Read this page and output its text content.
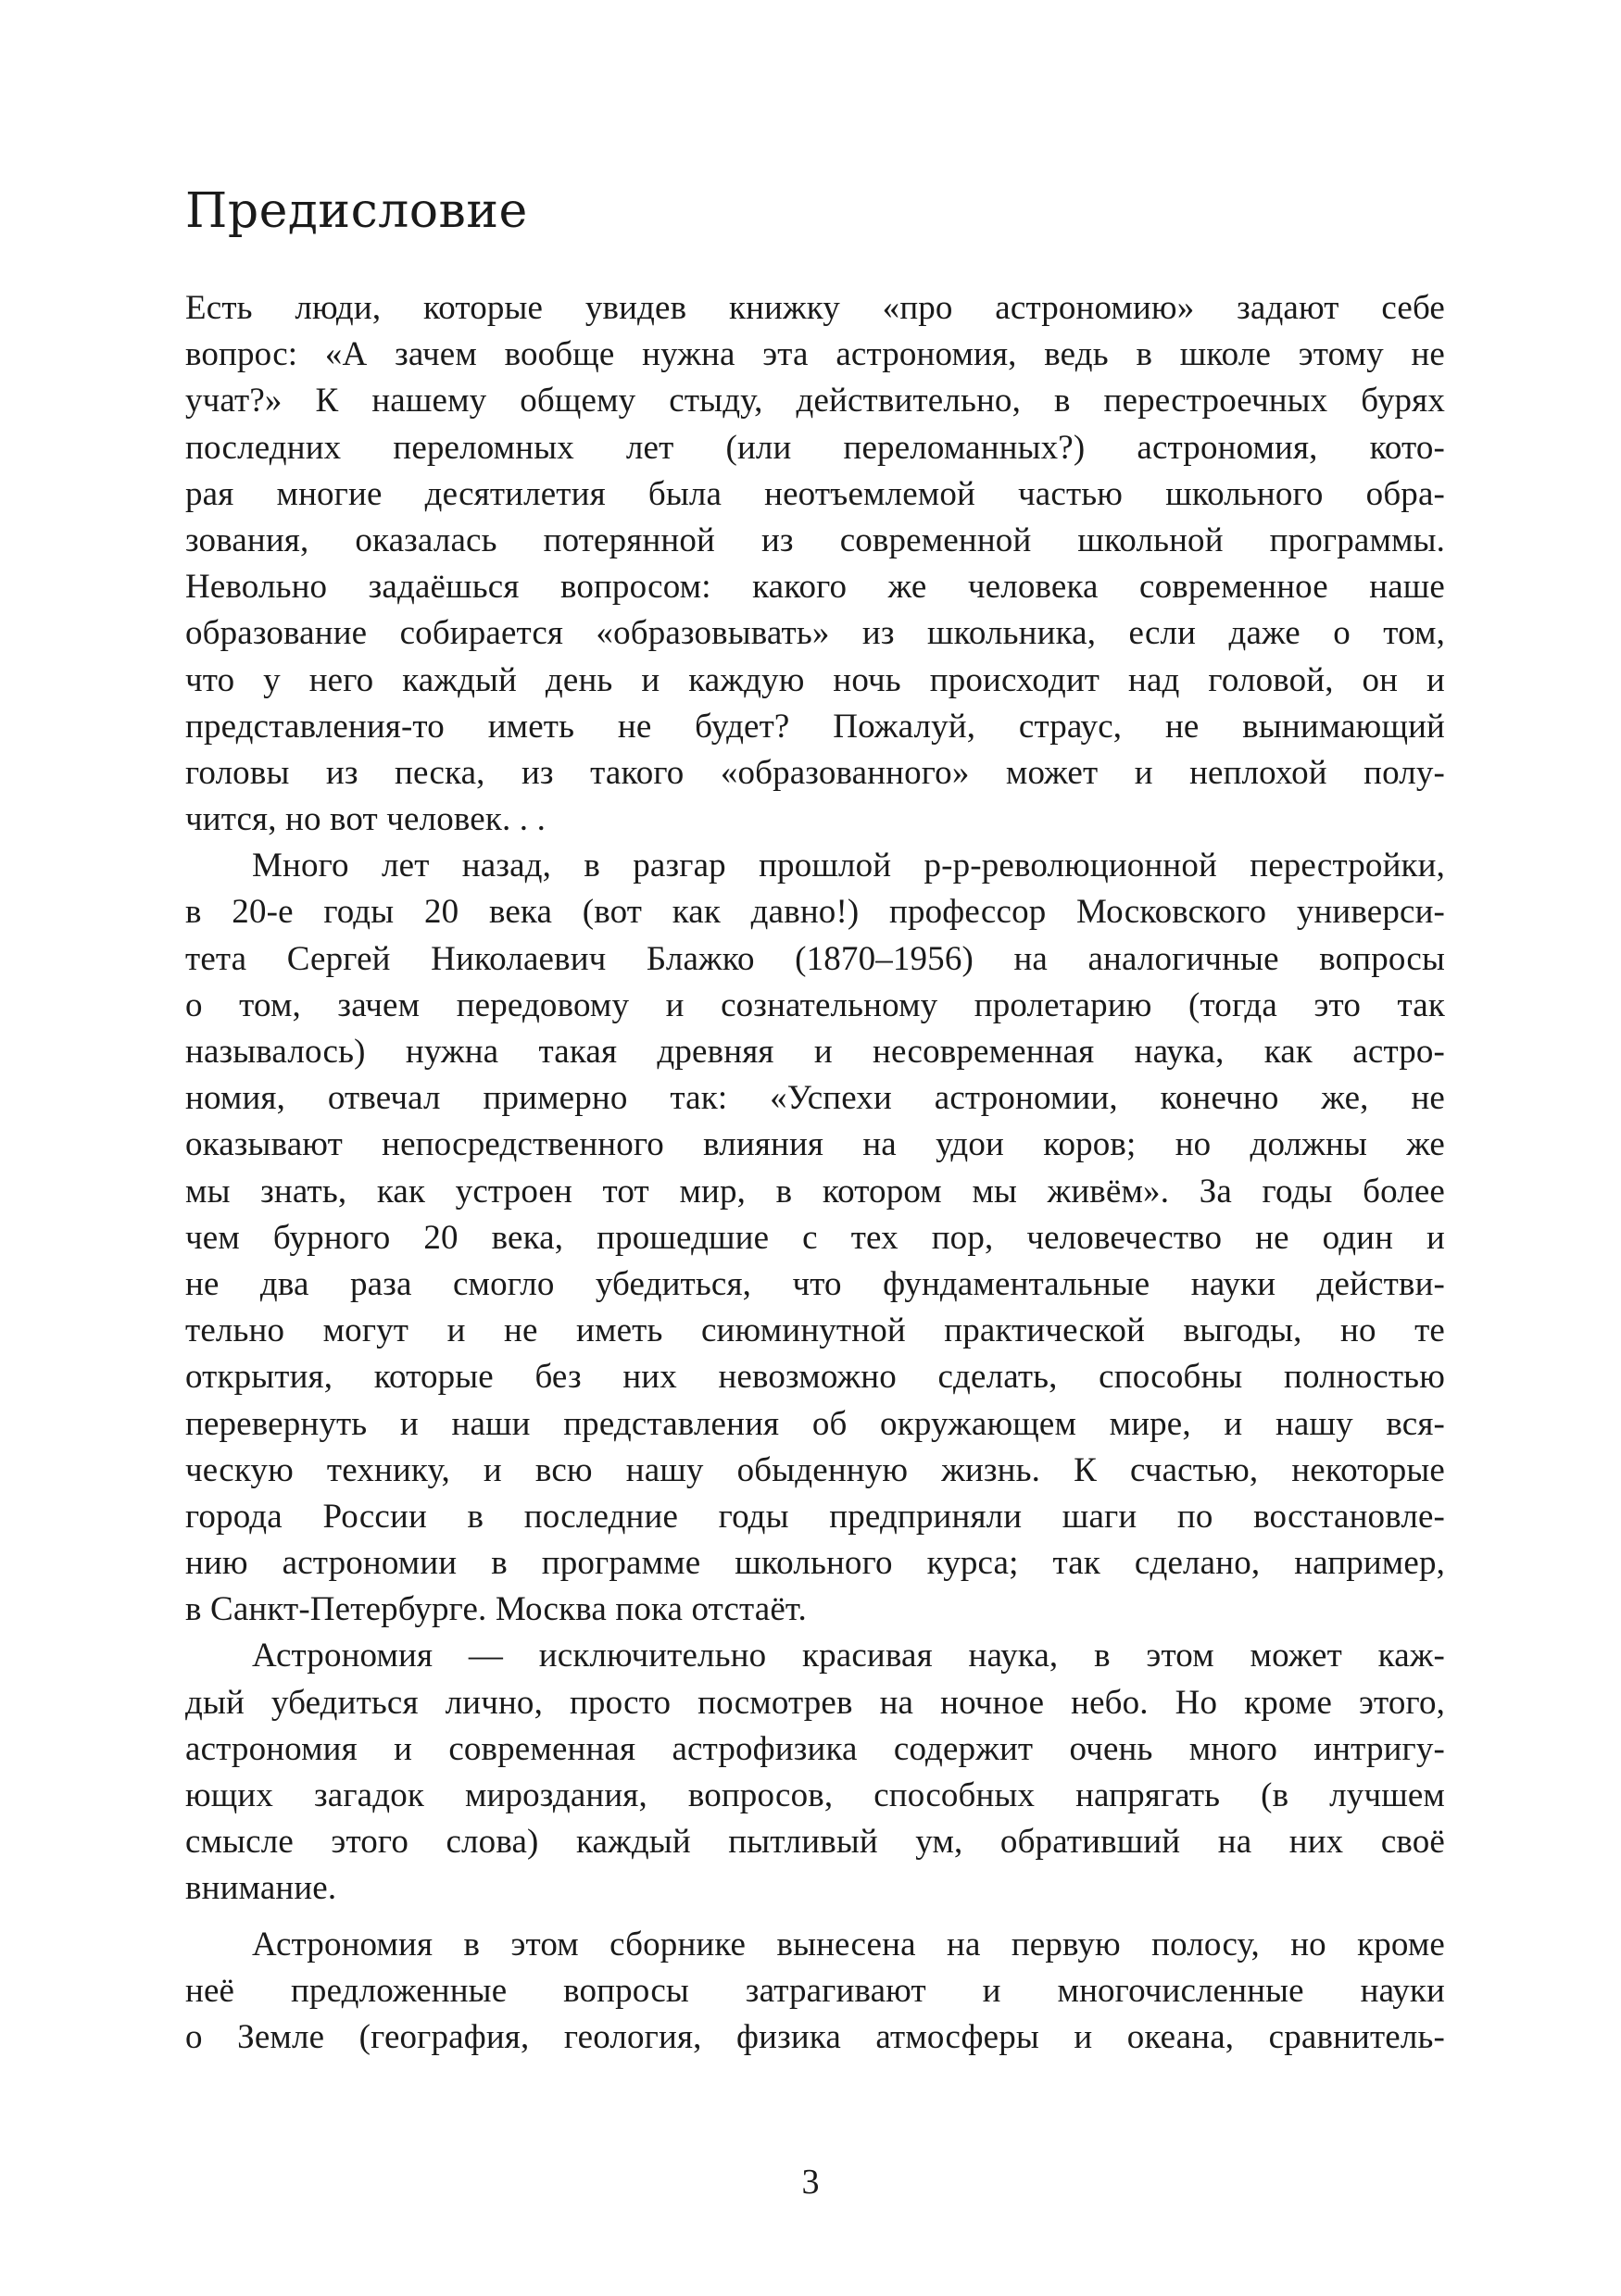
Предисловие
Есть люди, которые увидев книжку «про астрономию» задают себе
вопрос: «А зачем вообще нужна эта астрономия, ведь в школе этому не
учат?» К нашему общему стыду, действительно, в перестроечных бурях
последних переломных лет (или переломанных?) астрономия, кото-
рая многие десятилетия была неотъемлемой частью школьного обра-
зования, оказалась потерянной из современной школьной программы.
Невольно задаёшься вопросом: какого же человека современное наше
образование собирается «образовывать» из школьника, если даже о том,
что у него каждый день и каждую ночь происходит над головой, он и
представления-то иметь не будет? Пожалуй, страус, не вынимающий
головы из песка, из такого «образованного» может и неплохой полу-
чится, но вот человек. . .
Много лет назад, в разгар прошлой р-р-революционной перестройки,
в 20-е годы 20 века (вот как давно!) профессор Московского универси-
тета Сергей Николаевич Блажко (1870–1956) на аналогичные вопросы
о том, зачем передовому и сознательному пролетарию (тогда это так
называлось) нужна такая древняя и несовременная наука, как астро-
номия, отвечал примерно так: «Успехи астрономии, конечно же, не
оказывают непосредственного влияния на удои коров; но должны же
мы знать, как устроен тот мир, в котором мы живём». За годы более
чем бурного 20 века, прошедшие с тех пор, человечество не один и
не два раза смогло убедиться, что фундаментальные науки действи-
тельно могут и не иметь сиюминутной практической выгоды, но те
открытия, которые без них невозможно сделать, способны полностью
перевернуть и наши представления об окружающем мире, и нашу вся-
ческую технику, и всю нашу обыденную жизнь. К счастью, некоторые
города России в последние годы предприняли шаги по восстановле-
нию астрономии в программе школьного курса; так сделано, например,
в Санкт-Петербурге. Москва пока отстаёт.
Астрономия — исключительно красивая наука, в этом может каж-
дый убедиться лично, просто посмотрев на ночное небо. Но кроме этого,
астрономия и современная астрофизика содержит очень много интригу-
ющих загадок мироздания, вопросов, способных напрягать (в лучшем
смысле этого слова) каждый пытливый ум, обративший на них своё
внимание.
Астрономия в этом сборнике вынесена на первую полосу, но кроме
неё предложенные вопросы затрагивают и многочисленные науки
о Земле (география, геология, физика атмосферы и океана, сравнитель-
3
